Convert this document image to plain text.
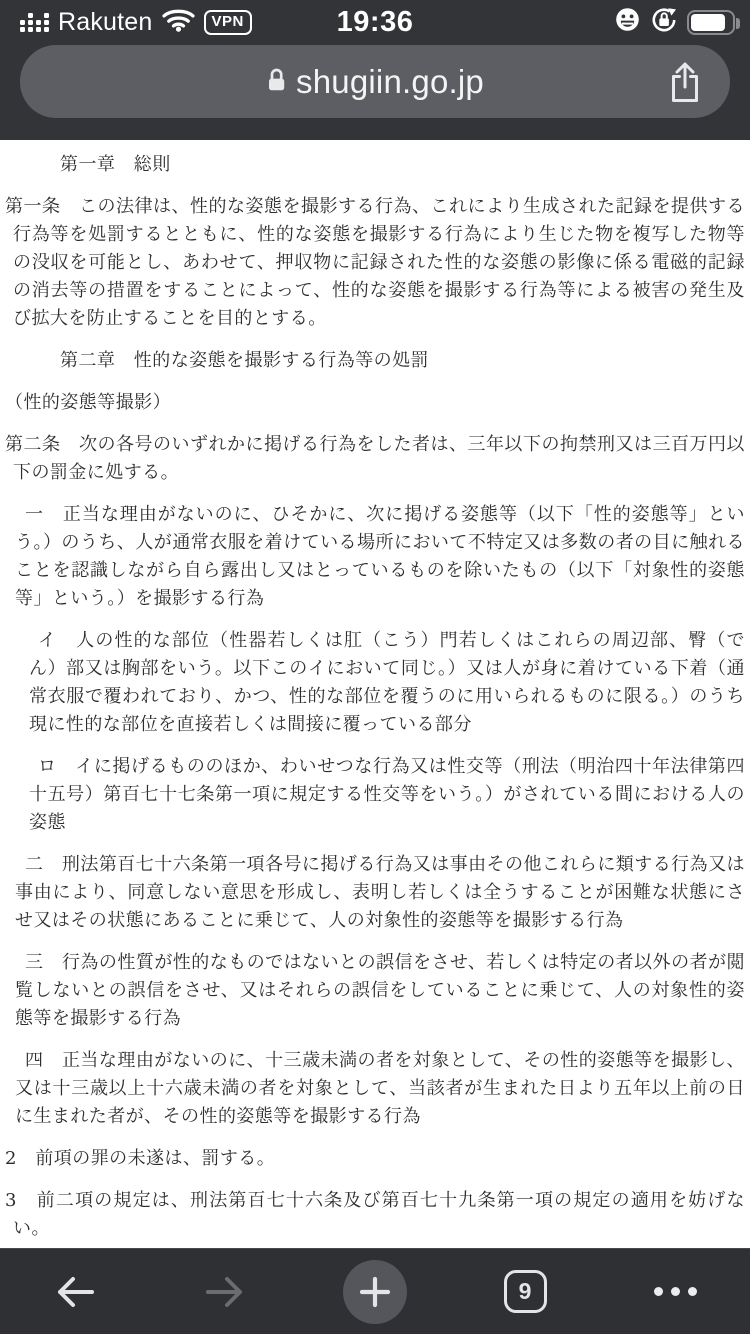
Rakuten	VPN	19:36
shugiin.go.jp

第一章　総則

第一条　この法律は、性的な姿態を撮影する行為、これにより生成された記録を提供する行為等を処罰するとともに、性的な姿態を撮影する行為により生じた物を複写した物等の没収を可能とし、あわせて、押収物に記録された性的な姿態の影像に係る電磁的記録の消去等の措置をすることによって、性的な姿態を撮影する行為等による被害の発生及び拡大を防止することを目的とする。

第二章　性的な姿態を撮影する行為等の処罰

（性的姿態等撮影）

第二条　次の各号のいずれかに掲げる行為をした者は、三年以下の拘禁刑又は三百万円以下の罰金に処する。

一　正当な理由がないのに、ひそかに、次に掲げる姿態等（以下「性的姿態等」という。）のうち、人が通常衣服を着けている場所において不特定又は多数の者の目に触れることを認識しながら自ら露出し又はとっているものを除いたもの（以下「対象性的姿態等」という。）を撮影する行為

イ　人の性的な部位（性器若しくは肛（こう）門若しくはこれらの周辺部、臀（でん）部又は胸部をいう。以下このイにおいて同じ。）又は人が身に着けている下着（通常衣服で覆われており、かつ、性的な部位を覆うのに用いられるものに限る。）のうち現に性的な部位を直接若しくは間接に覆っている部分

ロ　イに掲げるもののほか、わいせつな行為又は性交等（刑法（明治四十年法律第四十五号）第百七十七条第一項に規定する性交等をいう。）がされている間における人の姿態

二　刑法第百七十六条第一項各号に掲げる行為又は事由その他これらに類する行為又は事由により、同意しない意思を形成し、表明し若しくは全うすることが困難な状態にさせ又はその状態にあることに乗じて、人の対象性的姿態等を撮影する行為

三　行為の性質が性的なものではないとの誤信をさせ、若しくは特定の者以外の者が閲覧しないとの誤信をさせ、又はそれらの誤信をしていることに乗じて、人の対象性的姿態等を撮影する行為

四　正当な理由がないのに、十三歳未満の者を対象として、その性的姿態等を撮影し、又は十三歳以上十六歳未満の者を対象として、当該者が生まれた日より五年以上前の日に生まれた者が、その性的姿態等を撮影する行為

2　前項の罪の未遂は、罰する。

3　前二項の規定は、刑法第百七十六条及び第百七十九条第一項の規定の適用を妨げない。

9
